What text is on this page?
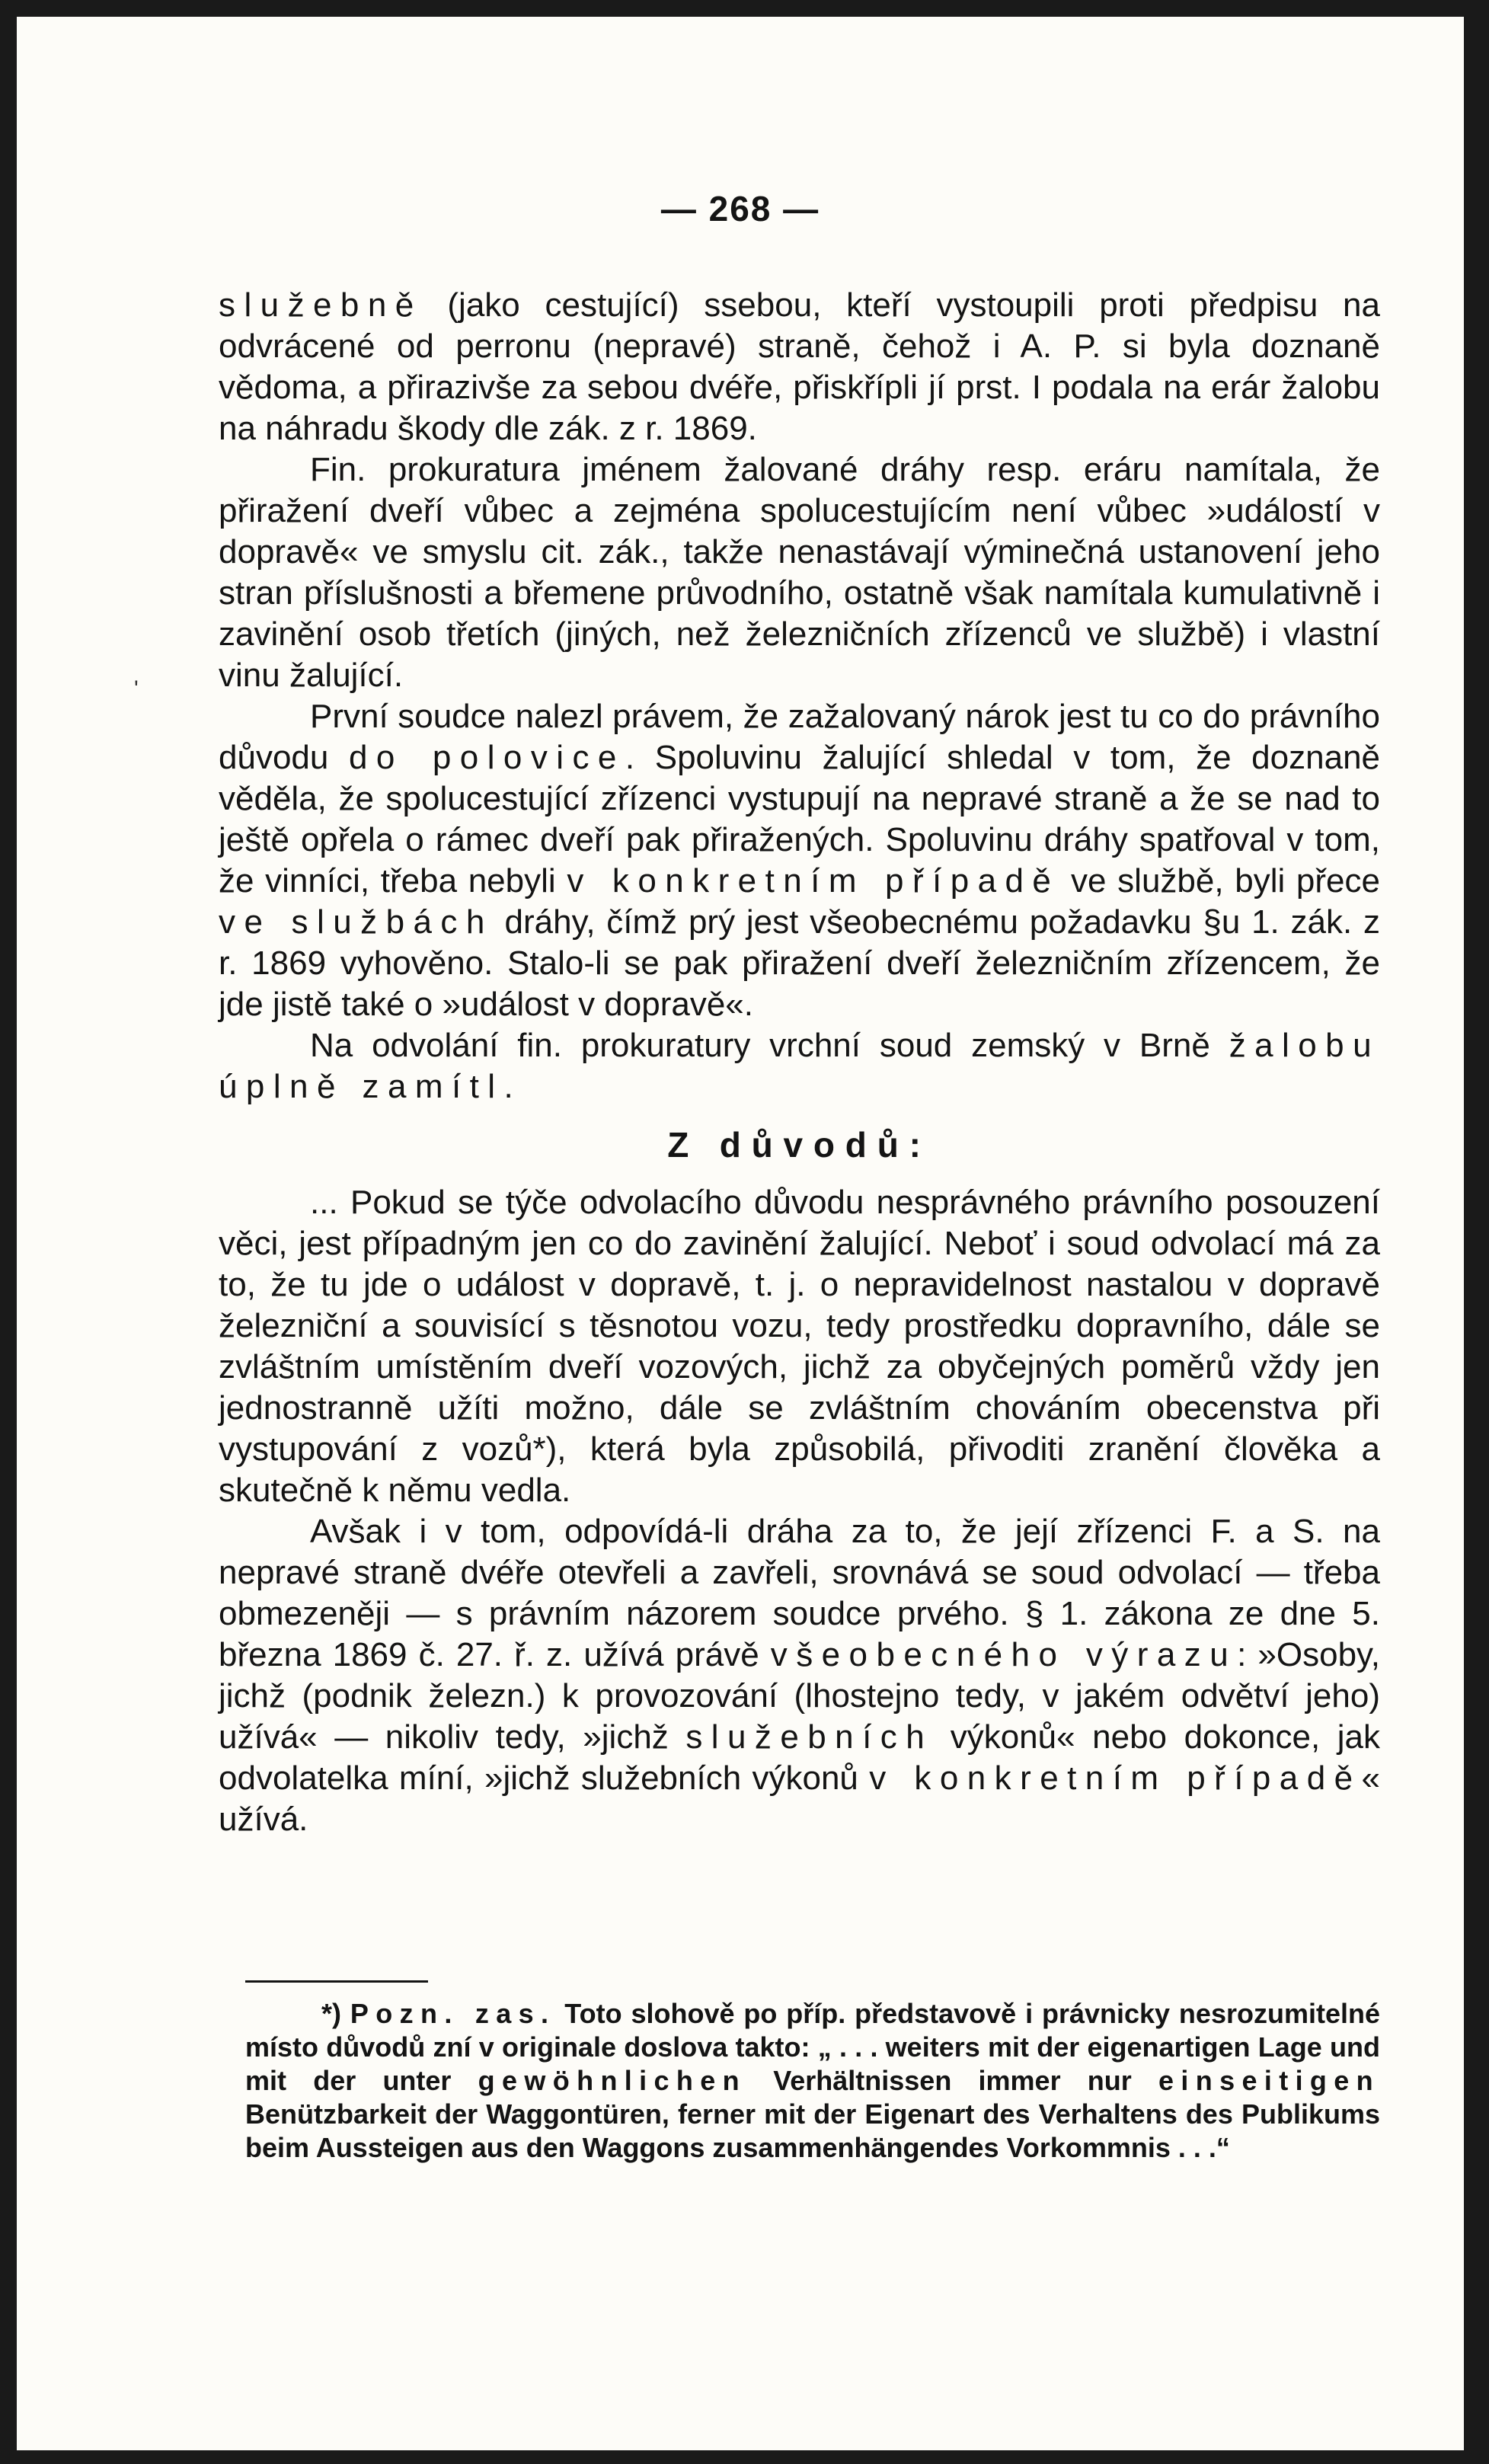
— 268 —
'

služebně (jako cestující) ssebou, kteří vystoupili proti předpisu na odvrácené od perronu (nepravé) straně, čehož i A. P. si byla doznaně vědoma, a přirazivše za sebou dvéře, přiskřípli jí prst. I podala na erár žalobu na náhradu škody dle zák. z r. 1869.

Fin. prokuratura jménem žalované dráhy resp. eráru namítala, že přiražení dveří vůbec a zejména spolucestujícím není vůbec »událostí v dopravě« ve smyslu cit. zák., takže nenastávají výminečná ustanovení jeho stran příslušnosti a břemene průvodního, ostatně však namítala kumulativně i zavinění osob třetích (jiných, než železničních zřízenců ve službě) i vlastní vinu žalující.

První soudce nalezl právem, že zažalovaný nárok jest tu co do právního důvodu do polovice. Spoluvinu žalující shledal v tom, že doznaně věděla, že spolucestující zřízenci vystupují na nepravé straně a že se nad to ještě opřela o rámec dveří pak přiražených. Spoluvinu dráhy spatřoval v tom, že vinníci, třeba nebyli v konkretním případě ve službě, byli přece ve službách dráhy, čímž prý jest všeobecnému požadavku §u 1. zák. z r. 1869 vyhověno. Stalo-li se pak přiražení dveří železničním zřízencem, že jde jistě také o »událost v dopravě«.

Na odvolání fin. prokuratury vrchní soud zemský v Brně žalobu úplně zamítl.

Z důvodů:

... Pokud se týče odvolacího důvodu nesprávného právního posouzení věci, jest případným jen co do zavinění žalující. Neboť i soud odvolací má za to, že tu jde o událost v dopravě, t. j. o nepravidelnost nastalou v dopravě železniční a souvisící s těsnotou vozu, tedy prostředku dopravního, dále se zvláštním umístěním dveří vozových, jichž za obyčejných poměrů vždy jen jednostranně užíti možno, dále se zvláštním chováním obecenstva při vystupování z vozů*), která byla způsobilá, přivoditi zranění člověka a skutečně k němu vedla.

Avšak i v tom, odpovídá-li dráha za to, že její zřízenci F. a S. na nepravé straně dvéře otevřeli a zavřeli, srovnává se soud odvolací — třeba obmezeněji — s právním názorem soudce prvého. § 1. zákona ze dne 5. března 1869 č. 27. ř. z. užívá právě všeobecného výrazu: »Osoby, jichž (podnik železn.) k provozování (lhostejno tedy, v jakém odvětví jeho) užívá« — nikoliv tedy, »jichž služebních výkonů« nebo dokonce, jak odvolatelka míní, »jichž služebních výkonů v konkretním případě« užívá.

*) Pozn. zas. Toto slohově po příp. představově i právnicky nesrozumitelné místo důvodů zní v originale doslova takto: „ . . . weiters mit der eigenartigen Lage und mit der unter gewöhnlichen Verhältnissen immer nur einseitigen Benützbarkeit der Waggontüren, ferner mit der Eigenart des Verhaltens des Publikums beim Aussteigen aus den Waggons zusammenhängendes Vorkommnis . . .“
